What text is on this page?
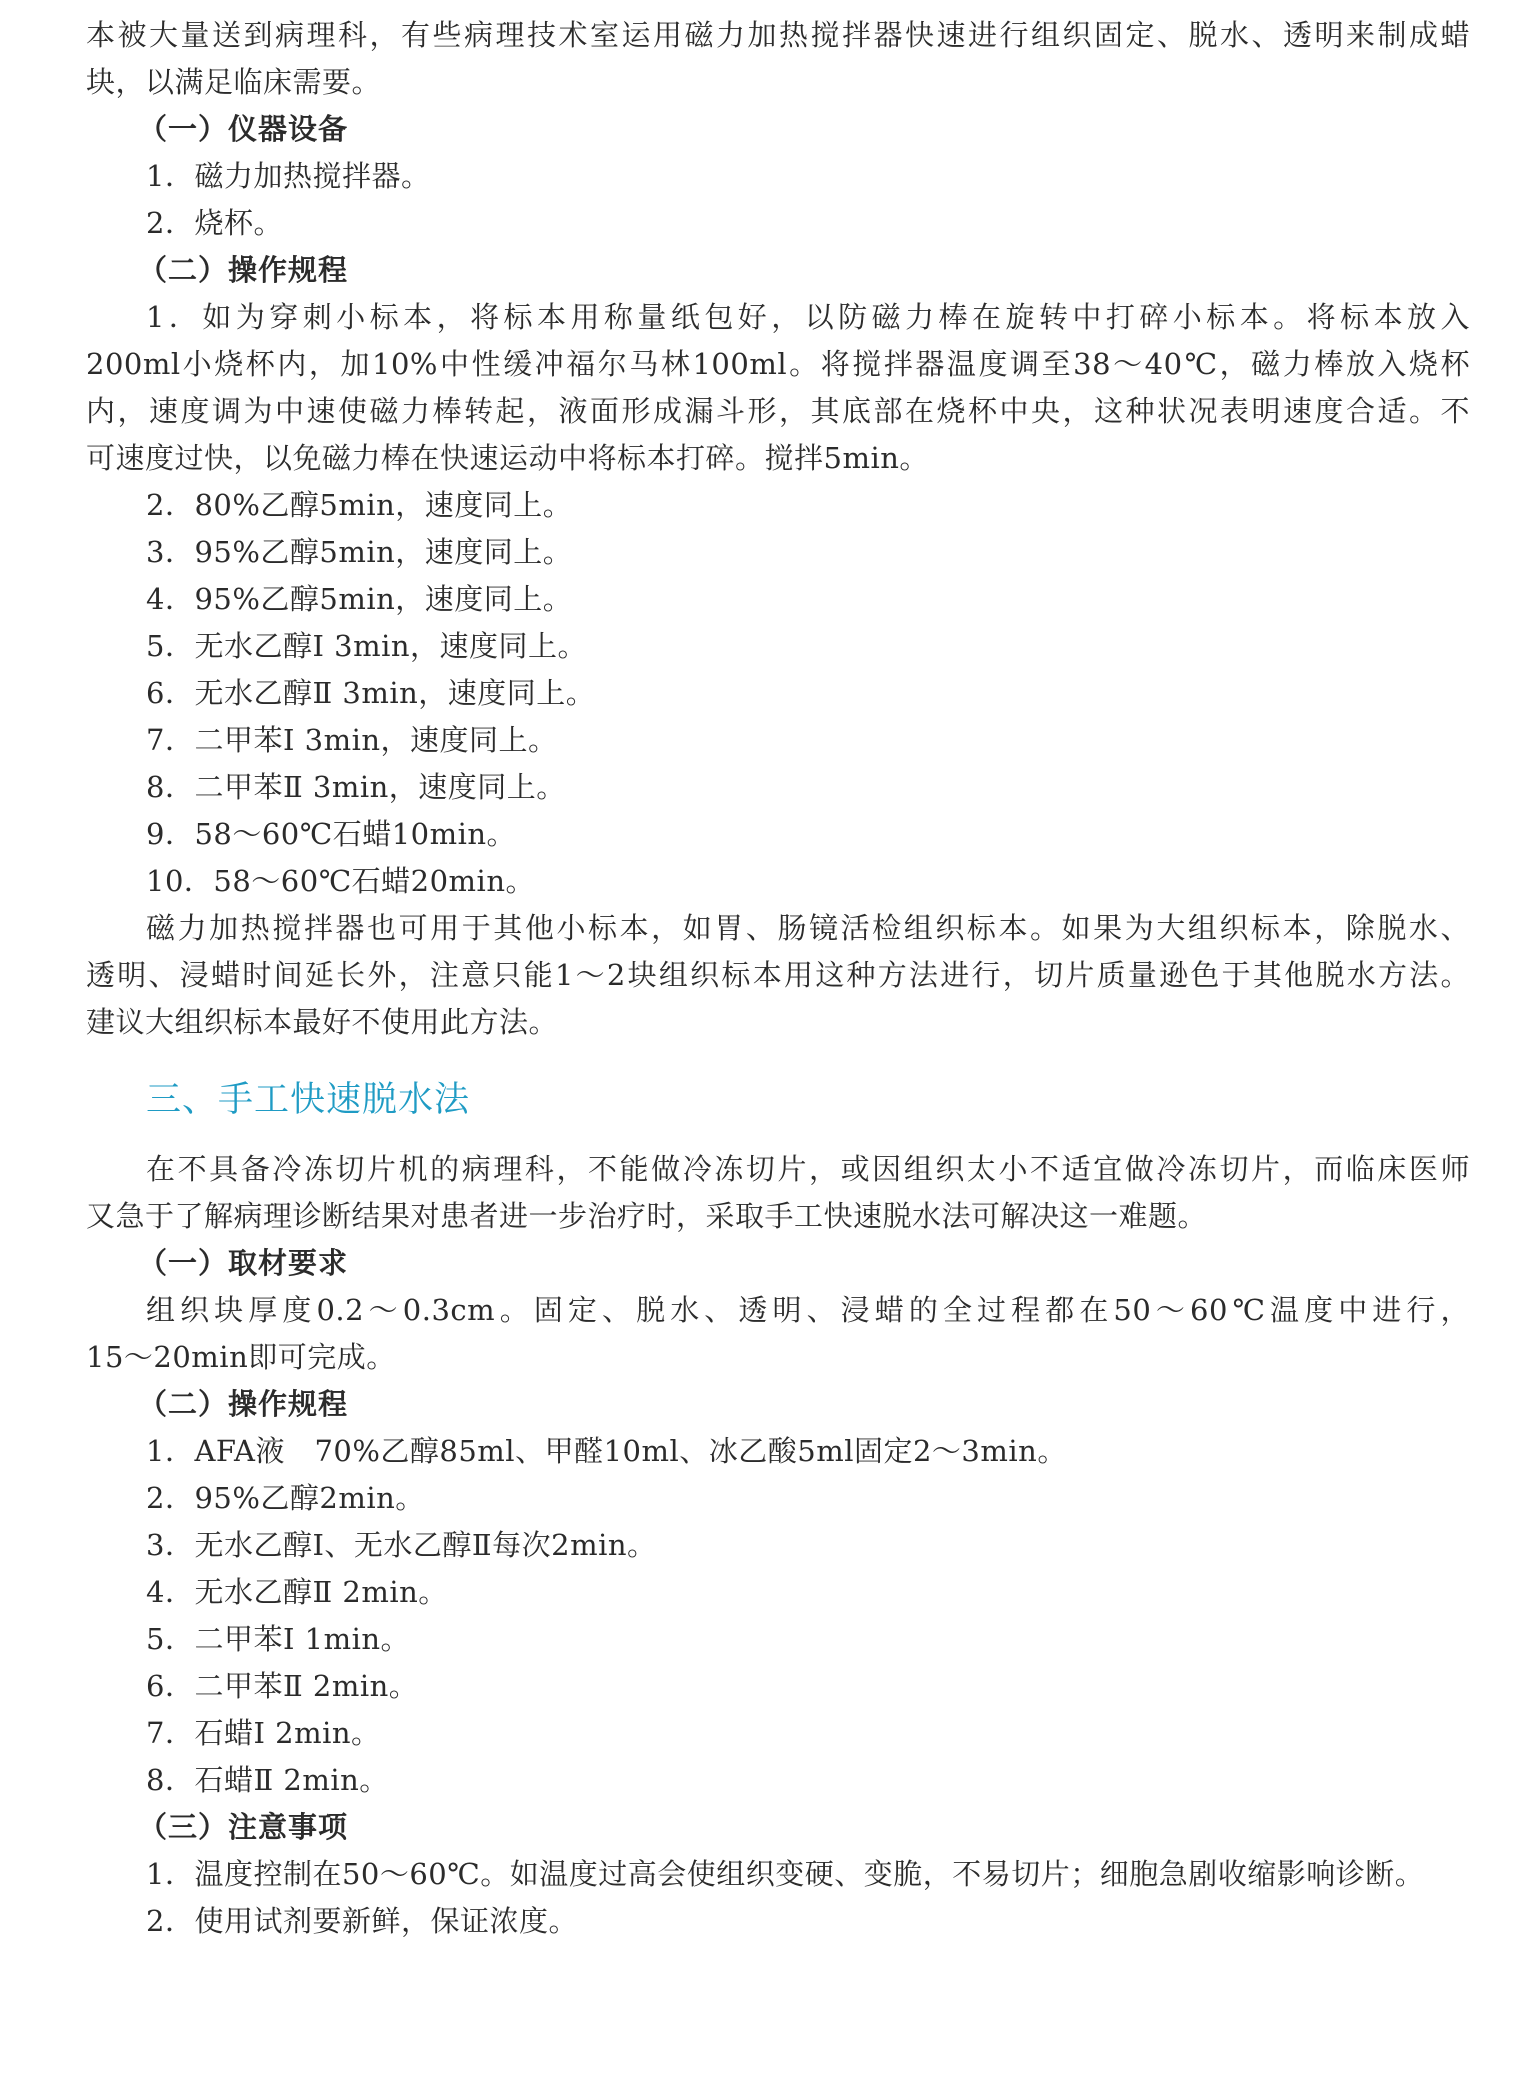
本被大量送到病理科，有些病理技术室运用磁力加热搅拌器快速进行组织固定、脱水、透明来制成蜡
块，以满足临床需要。
（一）仪器设备
1．磁力加热搅拌器。
2．烧杯。
（二）操作规程
1．如为穿刺小标本，将标本用称量纸包好，以防磁力棒在旋转中打碎小标本。将标本放入
200ml小烧杯内，加10%中性缓冲福尔马林100ml。将搅拌器温度调至38～40℃，磁力棒放入烧杯
内，速度调为中速使磁力棒转起，液面形成漏斗形，其底部在烧杯中央，这种状况表明速度合适。不
可速度过快，以免磁力棒在快速运动中将标本打碎。搅拌5min。
2．80%乙醇5min，速度同上。
3．95%乙醇5min，速度同上。
4．95%乙醇5min，速度同上。
5．无水乙醇Ⅰ 3min，速度同上。
6．无水乙醇Ⅱ 3min，速度同上。
7．二甲苯Ⅰ 3min，速度同上。
8．二甲苯Ⅱ 3min，速度同上。
9．58～60℃石蜡10min。
10．58～60℃石蜡20min。
磁力加热搅拌器也可用于其他小标本，如胃、肠镜活检组织标本。如果为大组织标本，除脱水、
透明、浸蜡时间延长外，注意只能1～2块组织标本用这种方法进行，切片质量逊色于其他脱水方法。
建议大组织标本最好不使用此方法。
三、手工快速脱水法
在不具备冷冻切片机的病理科，不能做冷冻切片，或因组织太小不适宜做冷冻切片，而临床医师
又急于了解病理诊断结果对患者进一步治疗时，采取手工快速脱水法可解决这一难题。
（一）取材要求
组织块厚度0.2～0.3cm。固定、脱水、透明、浸蜡的全过程都在50～60℃温度中进行，
15～20min即可完成。
（二）操作规程
1．AFA液　70%乙醇85ml、甲醛10ml、冰乙酸5ml固定2～3min。
2．95%乙醇2min。
3．无水乙醇Ⅰ、无水乙醇Ⅱ每次2min。
4．无水乙醇Ⅱ 2min。
5．二甲苯Ⅰ 1min。
6．二甲苯Ⅱ 2min。
7．石蜡Ⅰ 2min。
8．石蜡Ⅱ 2min。
（三）注意事项
1．温度控制在50～60℃。如温度过高会使组织变硬、变脆，不易切片；细胞急剧收缩影响诊断。
2．使用试剂要新鲜，保证浓度。
